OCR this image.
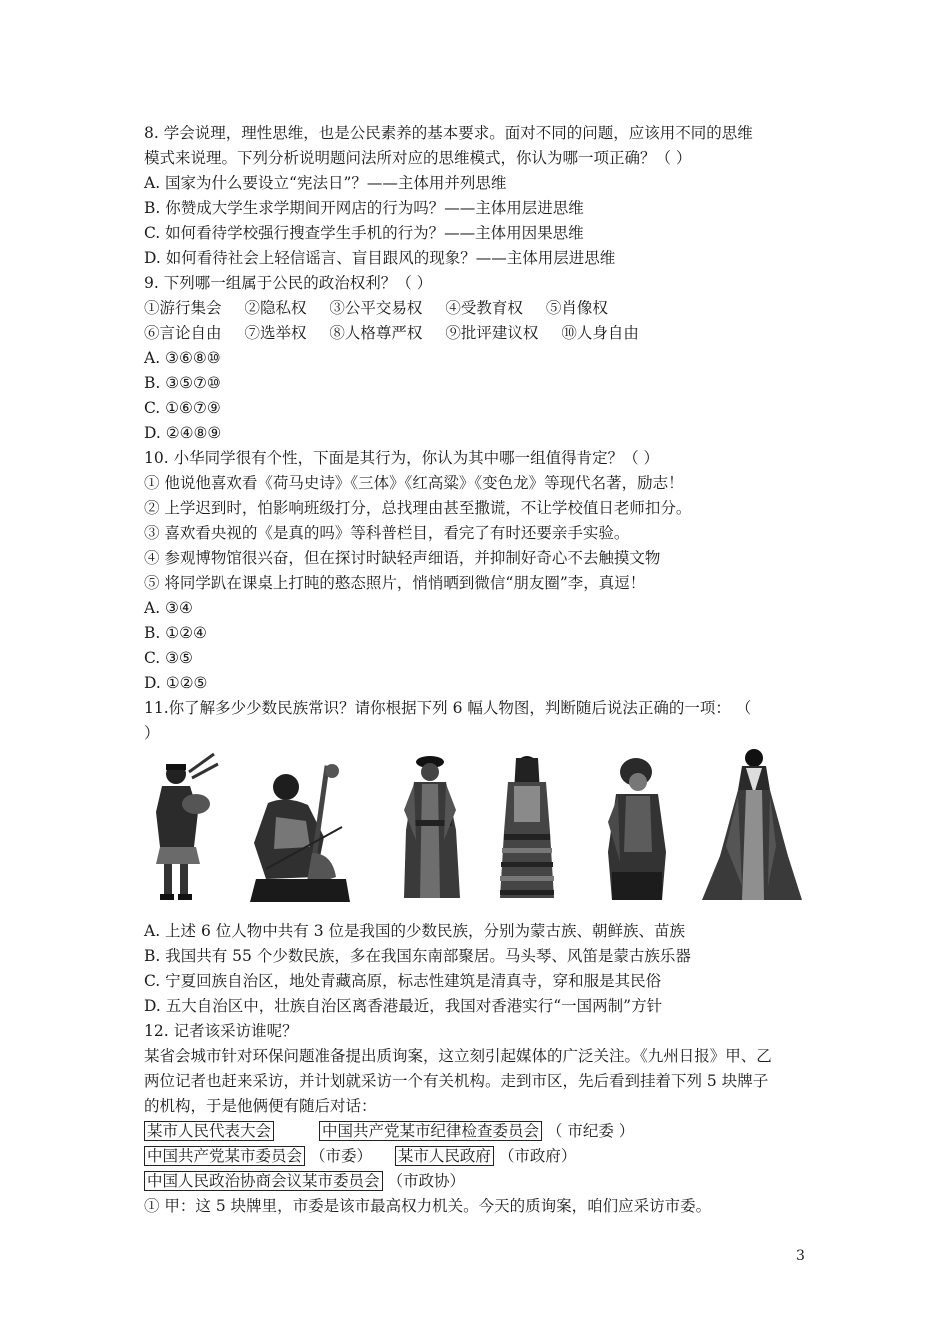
8. 学会说理，理性思维，也是公民素养的基本要求。面对不同的问题，应该用不同的思维
模式来说理。下列分析说明题问法所对应的思维模式，你认为哪一项正确？（ ）
A. 国家为什么要设立“宪法日”？——主体用并列思维
B. 你赞成大学生求学期间开网店的行为吗？——主体用层进思维
C. 如何看待学校强行搜查学生手机的行为？——主体用因果思维
D. 如何看待社会上轻信谣言、盲目跟风的现象？——主体用层进思维
9. 下列哪一组属于公民的政治权利？（ ）
①游行集会 ②隐私权 ③公平交易权 ④受教育权 ⑤肖像权
⑥言论自由 ⑦选举权 ⑧人格尊严权 ⑨批评建议权 ⑩人身自由
A. ③⑥⑧⑩
B. ③⑤⑦⑩
C. ①⑥⑦⑨
D. ②④⑧⑨
10. 小华同学很有个性，下面是其行为，你认为其中哪一组值得肯定？（ ）
① 他说他喜欢看《荷马史诗》《三体》《红高粱》《变色龙》等现代名著，励志！
② 上学迟到时，怕影响班级打分，总找理由甚至撒谎，不让学校值日老师扣分。
③ 喜欢看央视的《是真的吗》等科普栏目，看完了有时还要亲手实验。
④ 参观博物馆很兴奋，但在探讨时缺轻声细语，并抑制好奇心不去触摸文物
⑤ 将同学趴在课桌上打盹的憨态照片，悄悄晒到微信“朋友圈”李，真逗！
A. ③④
B. ①②④
C. ③⑤
D. ①②⑤
11.你了解多少少数民族常识？请你根据下列 6 幅人物图，判断随后说法正确的一项： （
）
A. 上述 6 位人物中共有 3 位是我国的少数民族，分别为蒙古族、朝鲜族、苗族
B. 我国共有 55 个少数民族，多在我国东南部聚居。马头琴、风笛是蒙古族乐器
C. 宁夏回族自治区，地处青藏高原，标志性建筑是清真寺，穿和服是其民俗
D. 五大自治区中，壮族自治区离香港最近，我国对香港实行“一国两制”方针
12. 记者该采访谁呢？
某省会城市针对环保问题准备提出质询案，这立刻引起媒体的广泛关注。《九州日报》甲、乙
两位记者也赶来采访，并计划就采访一个有关机构。走到市区，先后看到挂着下列 5 块牌子
的机构，于是他俩便有随后对话：
某市人民代表大会	中国共产党某市纪律检查委员会 （ 市纪委 ）
中国共产党某市委员会 （市委） 某市人民政府 （市政府）
中国人民政治协商会议某市委员会 （市政协）
① 甲：这 5 块牌里，市委是该市最高权力机关。今天的质询案，咱们应采访市委。
3
